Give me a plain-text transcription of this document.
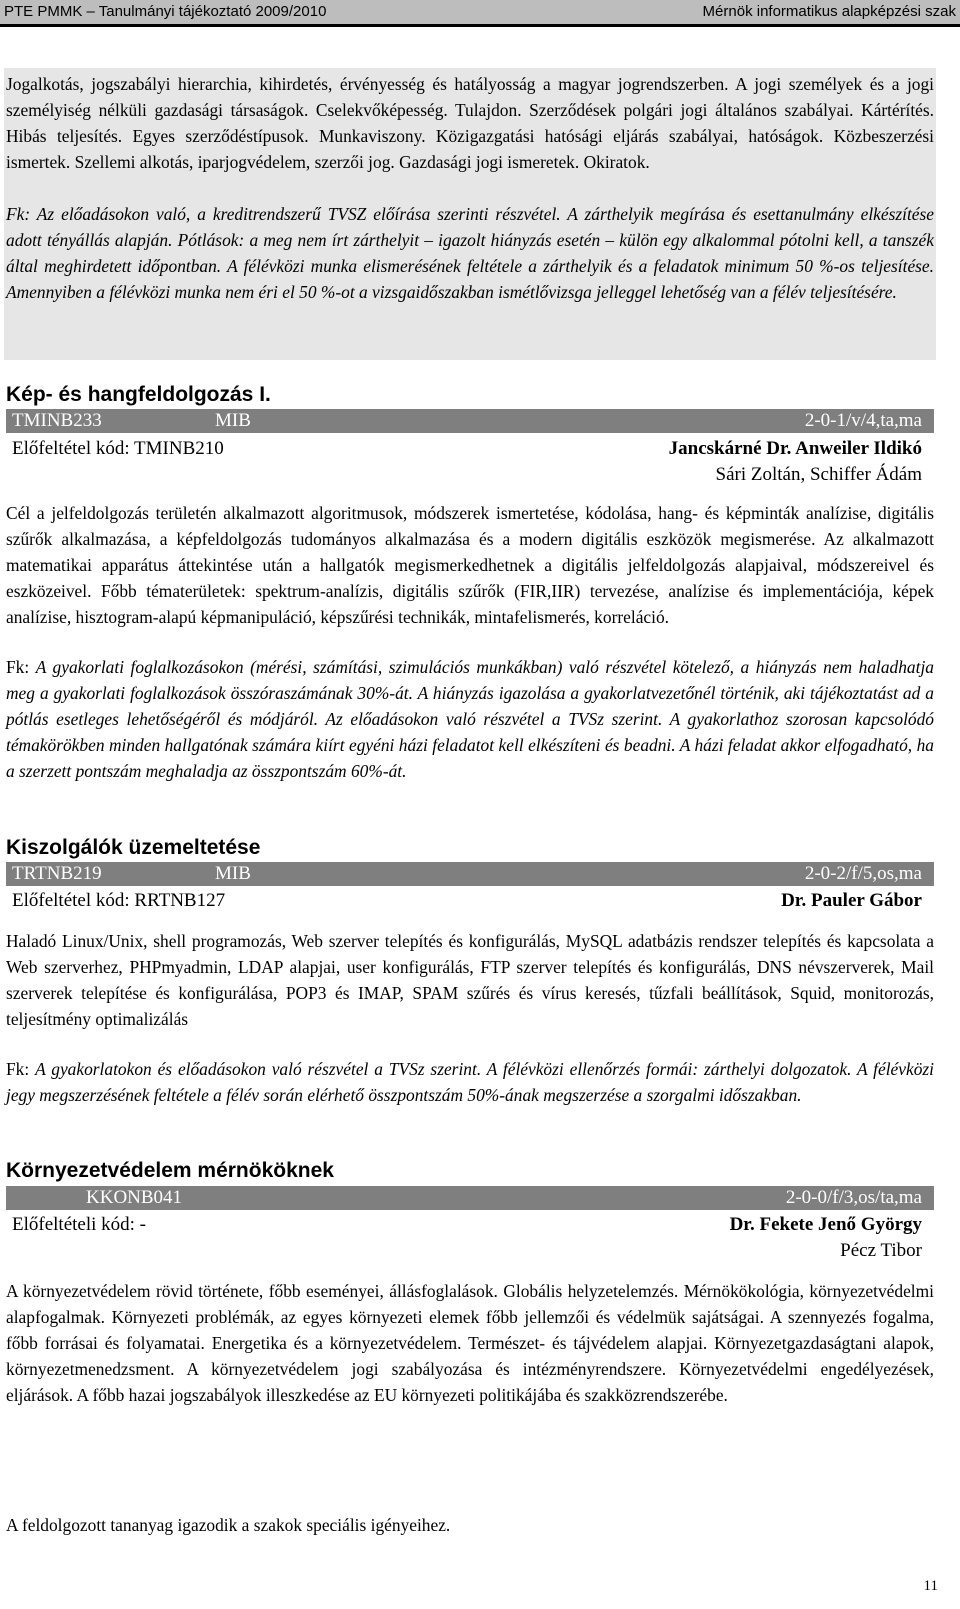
PTE PMMK – Tanulmányi tájékoztató 2009/2010	Mérnök informatikus alapképzési szak

Jogalkotás, jogszabályi hierarchia, kihirdetés, érvényesség és hatályosság a magyar jogrendszerben. A jogi személyek és a jogi személyiség nélküli gazdasági társaságok. Cselekvőképesség. Tulajdon. Szerződések polgári jogi általános szabályai. Kártérítés. Hibás teljesítés. Egyes szerződéstípusok. Munkaviszony. Közigazgatási hatósági eljárás szabályai, hatóságok. Közbeszerzési ismertek. Szellemi alkotás, iparjogvédelem, szerzői jog. Gazdasági jogi ismeretek. Okiratok.

Fk: Az előadásokon való, a kreditrendszerű TVSZ előírása szerinti részvétel. A zárthelyik megírása és esettanulmány elkészítése adott tényállás alapján. Pótlások: a meg nem írt zárthelyit – igazolt hiányzás esetén – külön egy alkalommal pótolni kell, a tanszék által meghirdetett időpontban. A félévközi munka elismerésének feltétele a zárthelyik és a feladatok minimum 50 %-os teljesítése. Amennyiben a félévközi munka nem éri el 50 %-ot a vizsgaidőszakban ismétlővizsga jelleggel lehetőség van a félév teljesítésére.

Kép- és hangfeldolgozás I.
TMINB233	MIB	2-0-1/v/4,ta,ma
Előfeltétel kód: TMINB210	Jancskárné Dr. Anweiler Ildikó
Sári Zoltán, Schiffer Ádám

Cél a jelfeldolgozás területén alkalmazott algoritmusok, módszerek ismertetése, kódolása, hang- és képminták analízise, digitális szűrők alkalmazása, a képfeldolgozás tudományos alkalmazása és a modern digitális eszközök megismerése. Az alkalmazott matematikai apparátus áttekintése után a hallgatók megismerkedhetnek a digitális jelfeldolgozás alapjaival, módszereivel és eszközeivel. Főbb tématerületek: spektrum-analízis, digitális szűrők (FIR,IIR) tervezése, analízise és implementációja, képek analízise, hisztogram-alapú képmanipuláció, képszűrési technikák, mintafelismerés, korreláció.

Fk: A gyakorlati foglalkozásokon (mérési, számítási, szimulációs munkákban) való részvétel kötelező, a hiányzás nem haladhatja meg a gyakorlati foglalkozások összóraszámának 30%-át. A hiányzás igazolása a gyakorlatvezetőnél történik, aki tájékoztatást ad a pótlás esetleges lehetőségéről és módjáról. Az előadásokon való részvétel a TVSz szerint. A gyakorlathoz szorosan kapcsolódó témakörökben minden hallgatónak számára kiírt egyéni házi feladatot kell elkészíteni és beadni. A házi feladat akkor elfogadható, ha a szerzett pontszám meghaladja az összpontszám 60%-át.

Kiszolgálók üzemeltetése
TRTNB219	MIB	2-0-2/f/5,os,ma
Előfeltétel kód: RRTNB127	Dr. Pauler Gábor

Haladó Linux/Unix, shell programozás, Web szerver telepítés és konfigurálás, MySQL adatbázis rendszer telepítés és kapcsolata a Web szerverhez, PHPmyadmin, LDAP alapjai, user konfigurálás, FTP szerver telepítés és konfigurálás, DNS névszerverek, Mail szerverek telepítése és konfigurálása, POP3 és IMAP, SPAM szűrés és vírus keresés, tűzfali beállítások, Squid, monitorozás, teljesítmény optimalizálás

Fk: A gyakorlatokon és előadásokon való részvétel a TVSz szerint. A félévközi ellenőrzés formái: zárthelyi dolgozatok. A félévközi jegy megszerzésének feltétele a félév során elérhető összpontszám 50%-ának megszerzése a szorgalmi időszakban.

Környezetvédelem mérnököknek
KKONB041	2-0-0/f/3,os/ta,ma
Előfeltételi kód: -	Dr. Fekete Jenő György
Pécz Tibor

A környezetvédelem rövid története, főbb eseményei, állásfoglalások. Globális helyzetelemzés. Mérnökökológia, környezetvédelmi alapfogalmak. Környezeti problémák, az egyes környezeti elemek főbb jellemzői és védelmük sajátságai. A szennyezés fogalma, főbb forrásai és folyamatai. Energetika és a környezetvédelem. Természet- és tájvédelem alapjai. Környezetgazdaságtani alapok, környezetmenedzsment. A környezetvédelem jogi szabályozása és intézményrendszere. Környezetvédelmi engedélyezések, eljárások. A főbb hazai jogszabályok illeszkedése az EU környezeti politikájába és szakközrendszerébe.

A feldolgozott tananyag igazodik a szakok speciális igényeihez.

11
